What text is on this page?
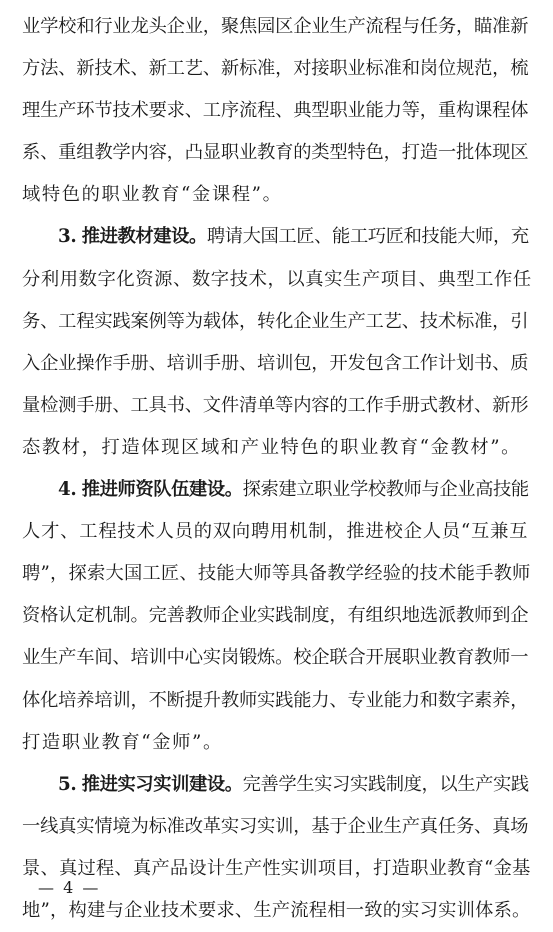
业学校和行业龙头企业，聚焦园区企业生产流程与任务，瞄准新
方法、新技术、新工艺、新标准，对接职业标准和岗位规范，梳
理生产环节技术要求、工序流程、典型职业能力等，重构课程体
系、重组教学内容，凸显职业教育的类型特色，打造一批体现区
域特色的职业教育“金课程”。
3. 推进教材建设。聘请大国工匠、能工巧匠和技能大师，充
分利用数字化资源、数字技术，以真实生产项目、典型工作任
务、工程实践案例等为载体，转化企业生产工艺、技术标准，引
入企业操作手册、培训手册、培训包，开发包含工作计划书、质
量检测手册、工具书、文件清单等内容的工作手册式教材、新形
态教材，打造体现区域和产业特色的职业教育“金教材”。
4. 推进师资队伍建设。探索建立职业学校教师与企业高技能
人才、工程技术人员的双向聘用机制，推进校企人员“互兼互
聘”，探索大国工匠、技能大师等具备教学经验的技术能手教师
资格认定机制。完善教师企业实践制度，有组织地选派教师到企
业生产车间、培训中心实岗锻炼。校企联合开展职业教育教师一
体化培养培训，不断提升教师实践能力、专业能力和数字素养，
打造职业教育“金师”。
5. 推进实习实训建设。完善学生实习实践制度，以生产实践
一线真实情境为标准改革实习实训，基于企业生产真任务、真场
景、真过程、真产品设计生产性实训项目，打造职业教育“金基
地”，构建与企业技术要求、生产流程相一致的实习实训体系。
— 4 —
